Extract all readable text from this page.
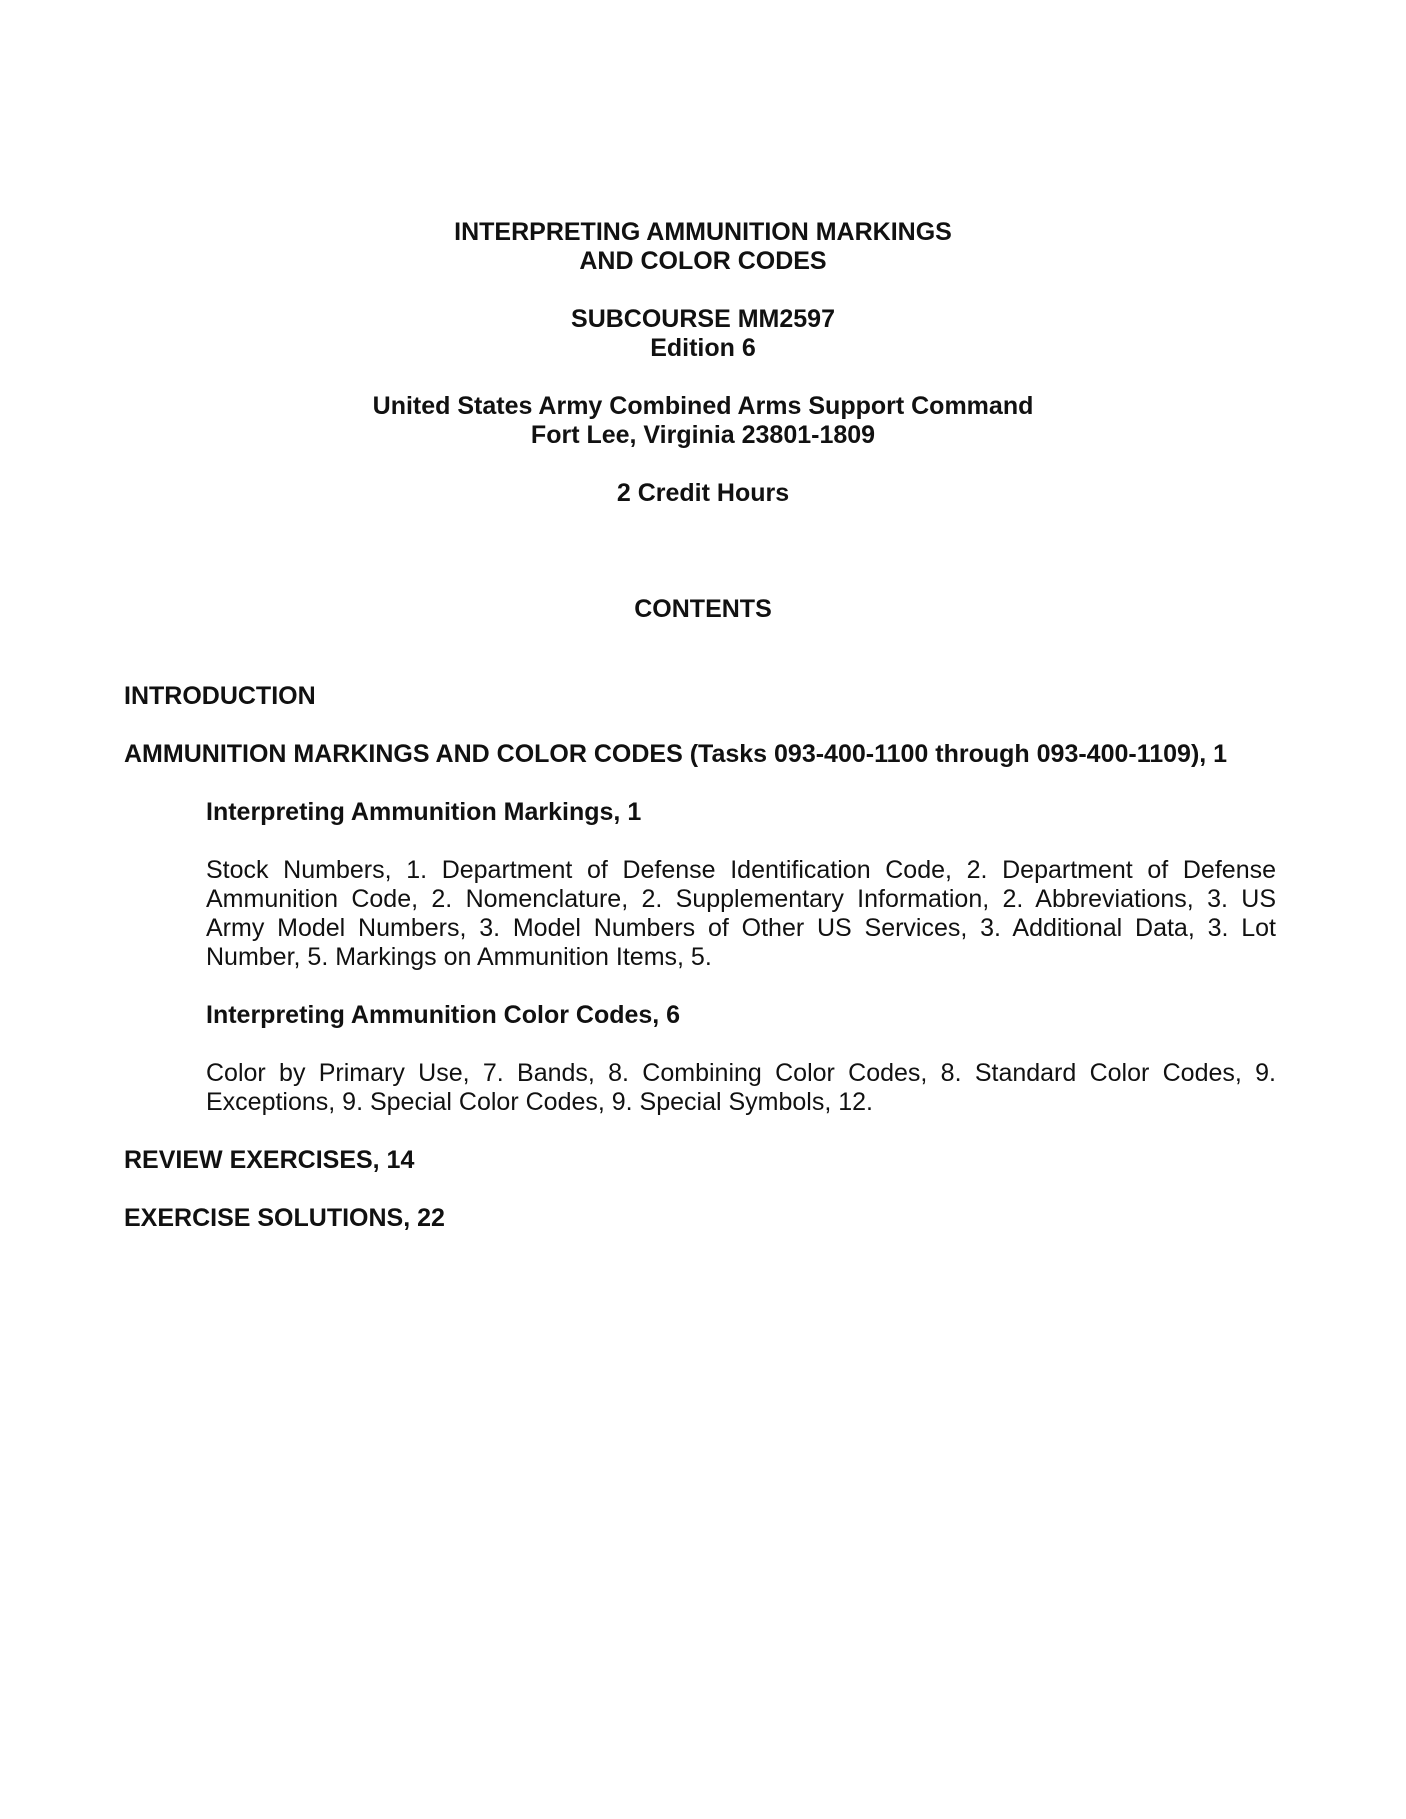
INTERPRETING AMMUNITION MARKINGS
AND COLOR CODES
SUBCOURSE MM2597
Edition 6
United States Army Combined Arms Support Command
Fort Lee, Virginia 23801-1809
2 Credit Hours
CONTENTS
INTRODUCTION
AMMUNITION MARKINGS AND COLOR CODES (Tasks 093-400-1100 through 093-400-1109), 1
Interpreting Ammunition Markings, 1
Stock Numbers, 1. Department of Defense Identification Code, 2. Department of Defense
Ammunition Code, 2. Nomenclature, 2. Supplementary Information, 2. Abbreviations, 3. US
Army Model Numbers, 3. Model Numbers of Other US Services, 3. Additional Data, 3. Lot
Number, 5. Markings on Ammunition Items, 5.
Interpreting Ammunition Color Codes, 6
Color by Primary Use, 7. Bands, 8. Combining Color Codes, 8. Standard Color Codes, 9.
Exceptions, 9. Special Color Codes, 9. Special Symbols, 12.
REVIEW EXERCISES, 14
EXERCISE SOLUTIONS, 22
